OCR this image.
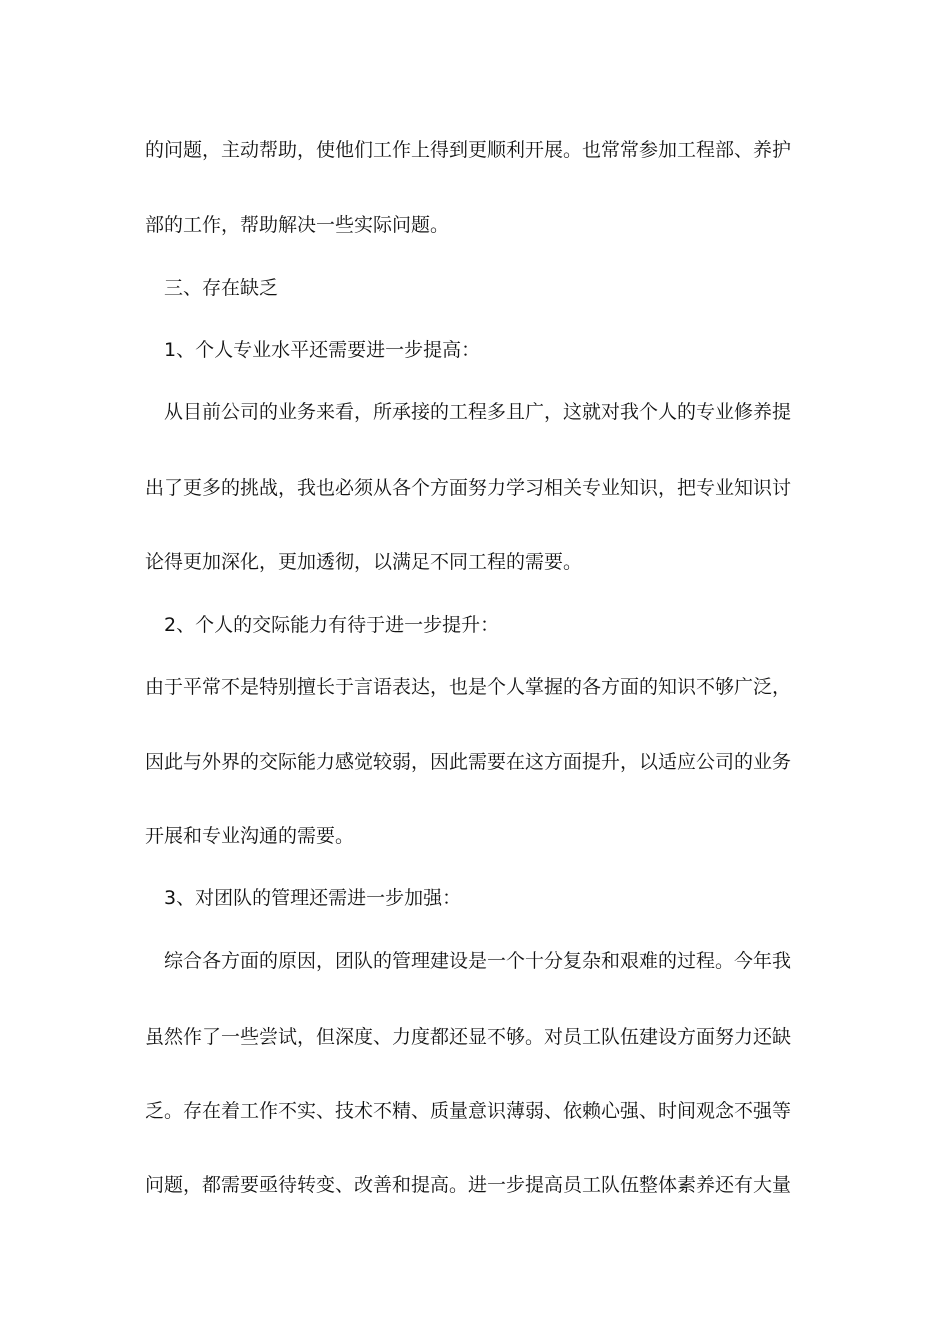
的问题，主动帮助，使他们工作上得到更顺利开展。也常常参加工程部、养护
部的工作，帮助解决一些实际问题。
三、存在缺乏
1、个人专业水平还需要进一步提高：
从目前公司的业务来看，所承接的工程多且广，这就对我个人的专业修养提
出了更多的挑战，我也必须从各个方面努力学习相关专业知识，把专业知识讨
论得更加深化，更加透彻，以满足不同工程的需要。
2、个人的交际能力有待于进一步提升：
由于平常不是特别擅长于言语表达，也是个人掌握的各方面的知识不够广泛，
因此与外界的交际能力感觉较弱，因此需要在这方面提升，以适应公司的业务
开展和专业沟通的需要。
3、对团队的管理还需进一步加强：
综合各方面的原因，团队的管理建设是一个十分复杂和艰难的过程。今年我
虽然作了一些尝试，但深度、力度都还显不够。对员工队伍建设方面努力还缺
乏。存在着工作不实、技术不精、质量意识薄弱、依赖心强、时间观念不强等
问题，都需要亟待转变、改善和提高。进一步提高员工队伍整体素养还有大量
